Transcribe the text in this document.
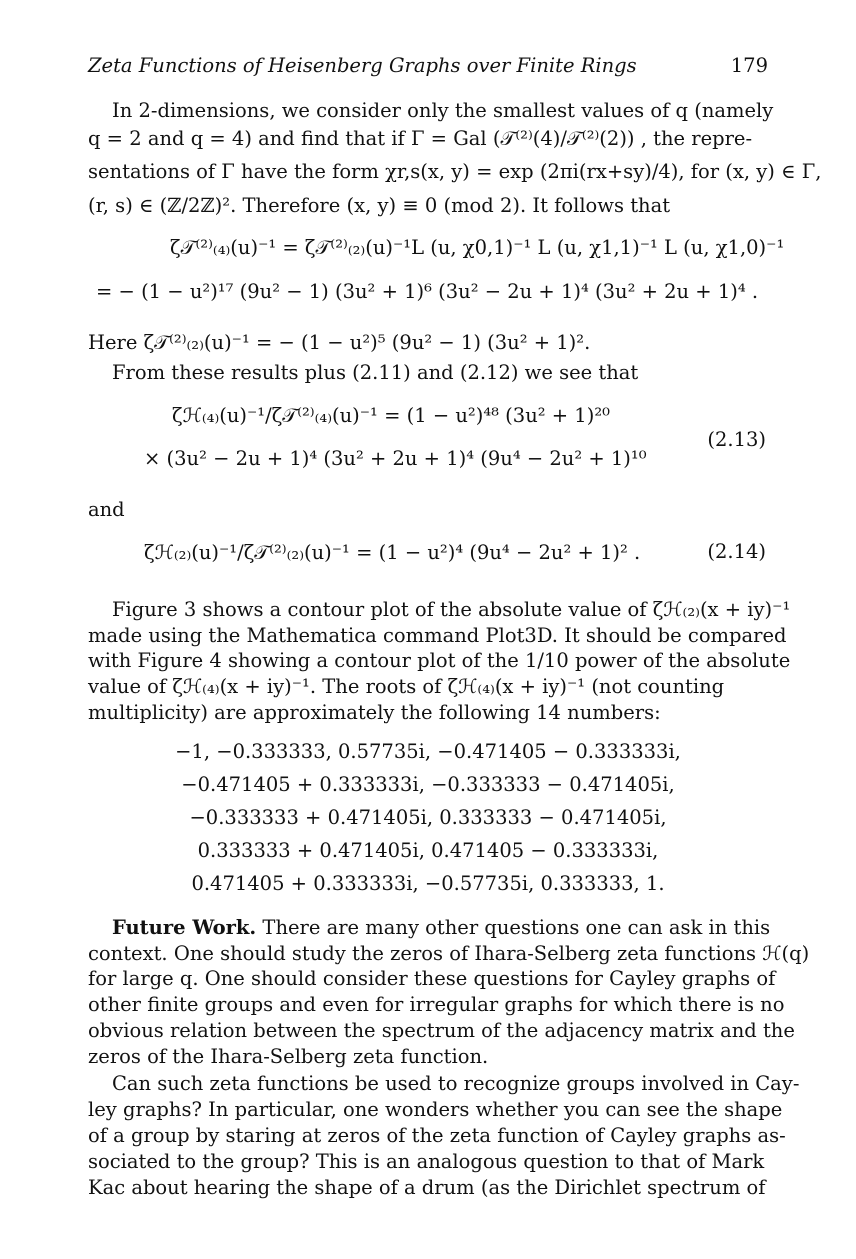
Zeta Functions of Heisenberg Graphs over Finite Rings	179
In 2-dimensions, we consider only the smallest values of q (namely
q = 2 and q = 4) and find that if Γ = Gal (𝒯⁽²⁾(4)/𝒯⁽²⁾(2)) , the repre-
sentations of Γ have the form χr,s(x, y) = exp (2πi(rx+sy)/4), for (x, y) ∈ Γ,
(r, s) ∈ (ℤ/2ℤ)². Therefore (x, y) ≡ 0 (mod 2). It follows that
ζ𝒯⁽²⁾₍₄₎(u)⁻¹ = ζ𝒯⁽²⁾₍₂₎(u)⁻¹L (u, χ0,1)⁻¹ L (u, χ1,1)⁻¹ L (u, χ1,0)⁻¹
= − (1 − u²)¹⁷ (9u² − 1) (3u² + 1)⁶ (3u² − 2u + 1)⁴ (3u² + 2u + 1)⁴ .
Here ζ𝒯⁽²⁾₍₂₎(u)⁻¹ = − (1 − u²)⁵ (9u² − 1) (3u² + 1)².
From these results plus (2.11) and (2.12) we see that
ζℋ₍₄₎(u)⁻¹/ζ𝒯⁽²⁾₍₄₎(u)⁻¹ = (1 − u²)⁴⁸ (3u² + 1)²⁰
× (3u² − 2u + 1)⁴ (3u² + 2u + 1)⁴ (9u⁴ − 2u² + 1)¹⁰
(2.13)
and
ζℋ₍₂₎(u)⁻¹/ζ𝒯⁽²⁾₍₂₎(u)⁻¹ = (1 − u²)⁴ (9u⁴ − 2u² + 1)² .	(2.14)
Figure 3 shows a contour plot of the absolute value of ζℋ₍₂₎(x + iy)⁻¹
made using the Mathematica command Plot3D. It should be compared
with Figure 4 showing a contour plot of the 1/10 power of the absolute
value of ζℋ₍₄₎(x + iy)⁻¹. The roots of ζℋ₍₄₎(x + iy)⁻¹ (not counting
multiplicity) are approximately the following 14 numbers:
−1, −0.333333, 0.57735i, −0.471405 − 0.333333i,
−0.471405 + 0.333333i, −0.333333 − 0.471405i,
−0.333333 + 0.471405i, 0.333333 − 0.471405i,
0.333333 + 0.471405i, 0.471405 − 0.333333i,
0.471405 + 0.333333i, −0.57735i, 0.333333, 1.
Future Work. There are many other questions one can ask in this
context. One should study the zeros of Ihara-Selberg zeta functions ℋ(q)
for large q. One should consider these questions for Cayley graphs of
other finite groups and even for irregular graphs for which there is no
obvious relation between the spectrum of the adjacency matrix and the
zeros of the Ihara-Selberg zeta function.
Can such zeta functions be used to recognize groups involved in Cay-
ley graphs? In particular, one wonders whether you can see the shape
of a group by staring at zeros of the zeta function of Cayley graphs as-
sociated to the group? This is an analogous question to that of Mark
Kac about hearing the shape of a drum (as the Dirichlet spectrum of
